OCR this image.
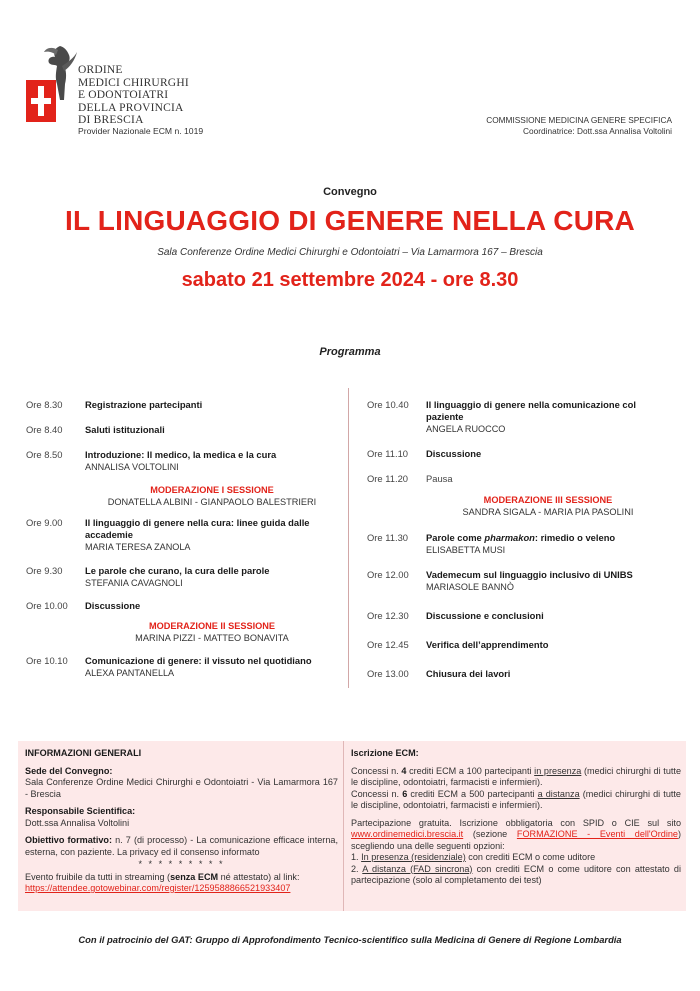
ORDINE
MEDICI CHIRURGHI
E ODONTOIATRI
DELLA PROVINCIA
DI BRESCIA
Provider Nazionale ECM n. 1019
COMMISSIONE MEDICINA GENERE SPECIFICA
Coordinatrice: Dott.ssa Annalisa Voltolini
Convegno
IL LINGUAGGIO DI GENERE NELLA CURA
Sala Conferenze Ordine Medici Chirurghi e Odontoiatri – Via Lamarmora 167 – Brescia
sabato 21 settembre 2024 - ore 8.30
Programma
Ore 8.30 Registrazione partecipanti
Ore 8.40 Saluti istituzionali
Ore 8.50 Introduzione: Il medico, la medica e la cura
ANNALISA VOLTOLINI
MODERAZIONE I SESSIONE
DONATELLA ALBINI - GIANPAOLO BALESTRIERI
Ore 9.00 Il linguaggio di genere nella cura: linee guida dalle accademie
MARIA TERESA ZANOLA
Ore 9.30 Le parole che curano, la cura delle parole
STEFANIA CAVAGNOLI
Ore 10.00 Discussione
MODERAZIONE II SESSIONE
MARINA PIZZI - MATTEO BONAVITA
Ore 10.10 Comunicazione di genere: il vissuto nel quotidiano
ALEXA PANTANELLA
Ore 10.40 Il linguaggio di genere nella comunicazione col paziente
ANGELA RUOCCO
Ore 11.10 Discussione
Ore 11.20 Pausa
MODERAZIONE III SESSIONE
SANDRA SIGALA - MARIA PIA PASOLINI
Ore 11.30 Parole come pharmakon: rimedio o veleno
ELISABETTA MUSI
Ore 12.00 Vademecum sul linguaggio inclusivo di UNIBS
MARIASOLE BANNÒ
Ore 12.30 Discussione e conclusioni
Ore 12.45 Verifica dell’apprendimento
Ore 13.00 Chiusura dei lavori
INFORMAZIONI GENERALI
Sede del Convegno:
Sala Conferenze Ordine Medici Chirurghi e Odontoiatri - Via Lamarmora 167 - Brescia
Responsabile Scientifica:
Dott.ssa Annalisa Voltolini
Obiettivo formativo: n. 7 (di processo) - La comunicazione efficace interna, esterna, con paziente. La privacy ed il consenso informato
* * * * * * * * *
Evento fruibile da tutti in streaming (senza ECM né attestato) al link:
https://attendee.gotowebinar.com/register/1259588866521933407
Iscrizione ECM:
Concessi n. 4 crediti ECM a 100 partecipanti in presenza (medici chirurghi di tutte le discipline, odontoiatri, farmacisti e infermieri).
Concessi n. 6 crediti ECM a 500 partecipanti a distanza (medici chirurghi di tutte le discipline, odontoiatri, farmacisti e infermieri).
Partecipazione gratuita. Iscrizione obbligatoria con SPID o CIE sul sito www.ordinemedici.brescia.it (sezione FORMAZIONE - Eventi dell'Ordine) scegliendo una delle seguenti opzioni:
1. In presenza (residenziale) con crediti ECM o come uditore
2. A distanza (FAD sincrona) con crediti ECM o come uditore con attestato di partecipazione (solo al completamento dei test)
Con il patrocinio del GAT: Gruppo di Approfondimento Tecnico-scientifico sulla Medicina di Genere di Regione Lombardia
